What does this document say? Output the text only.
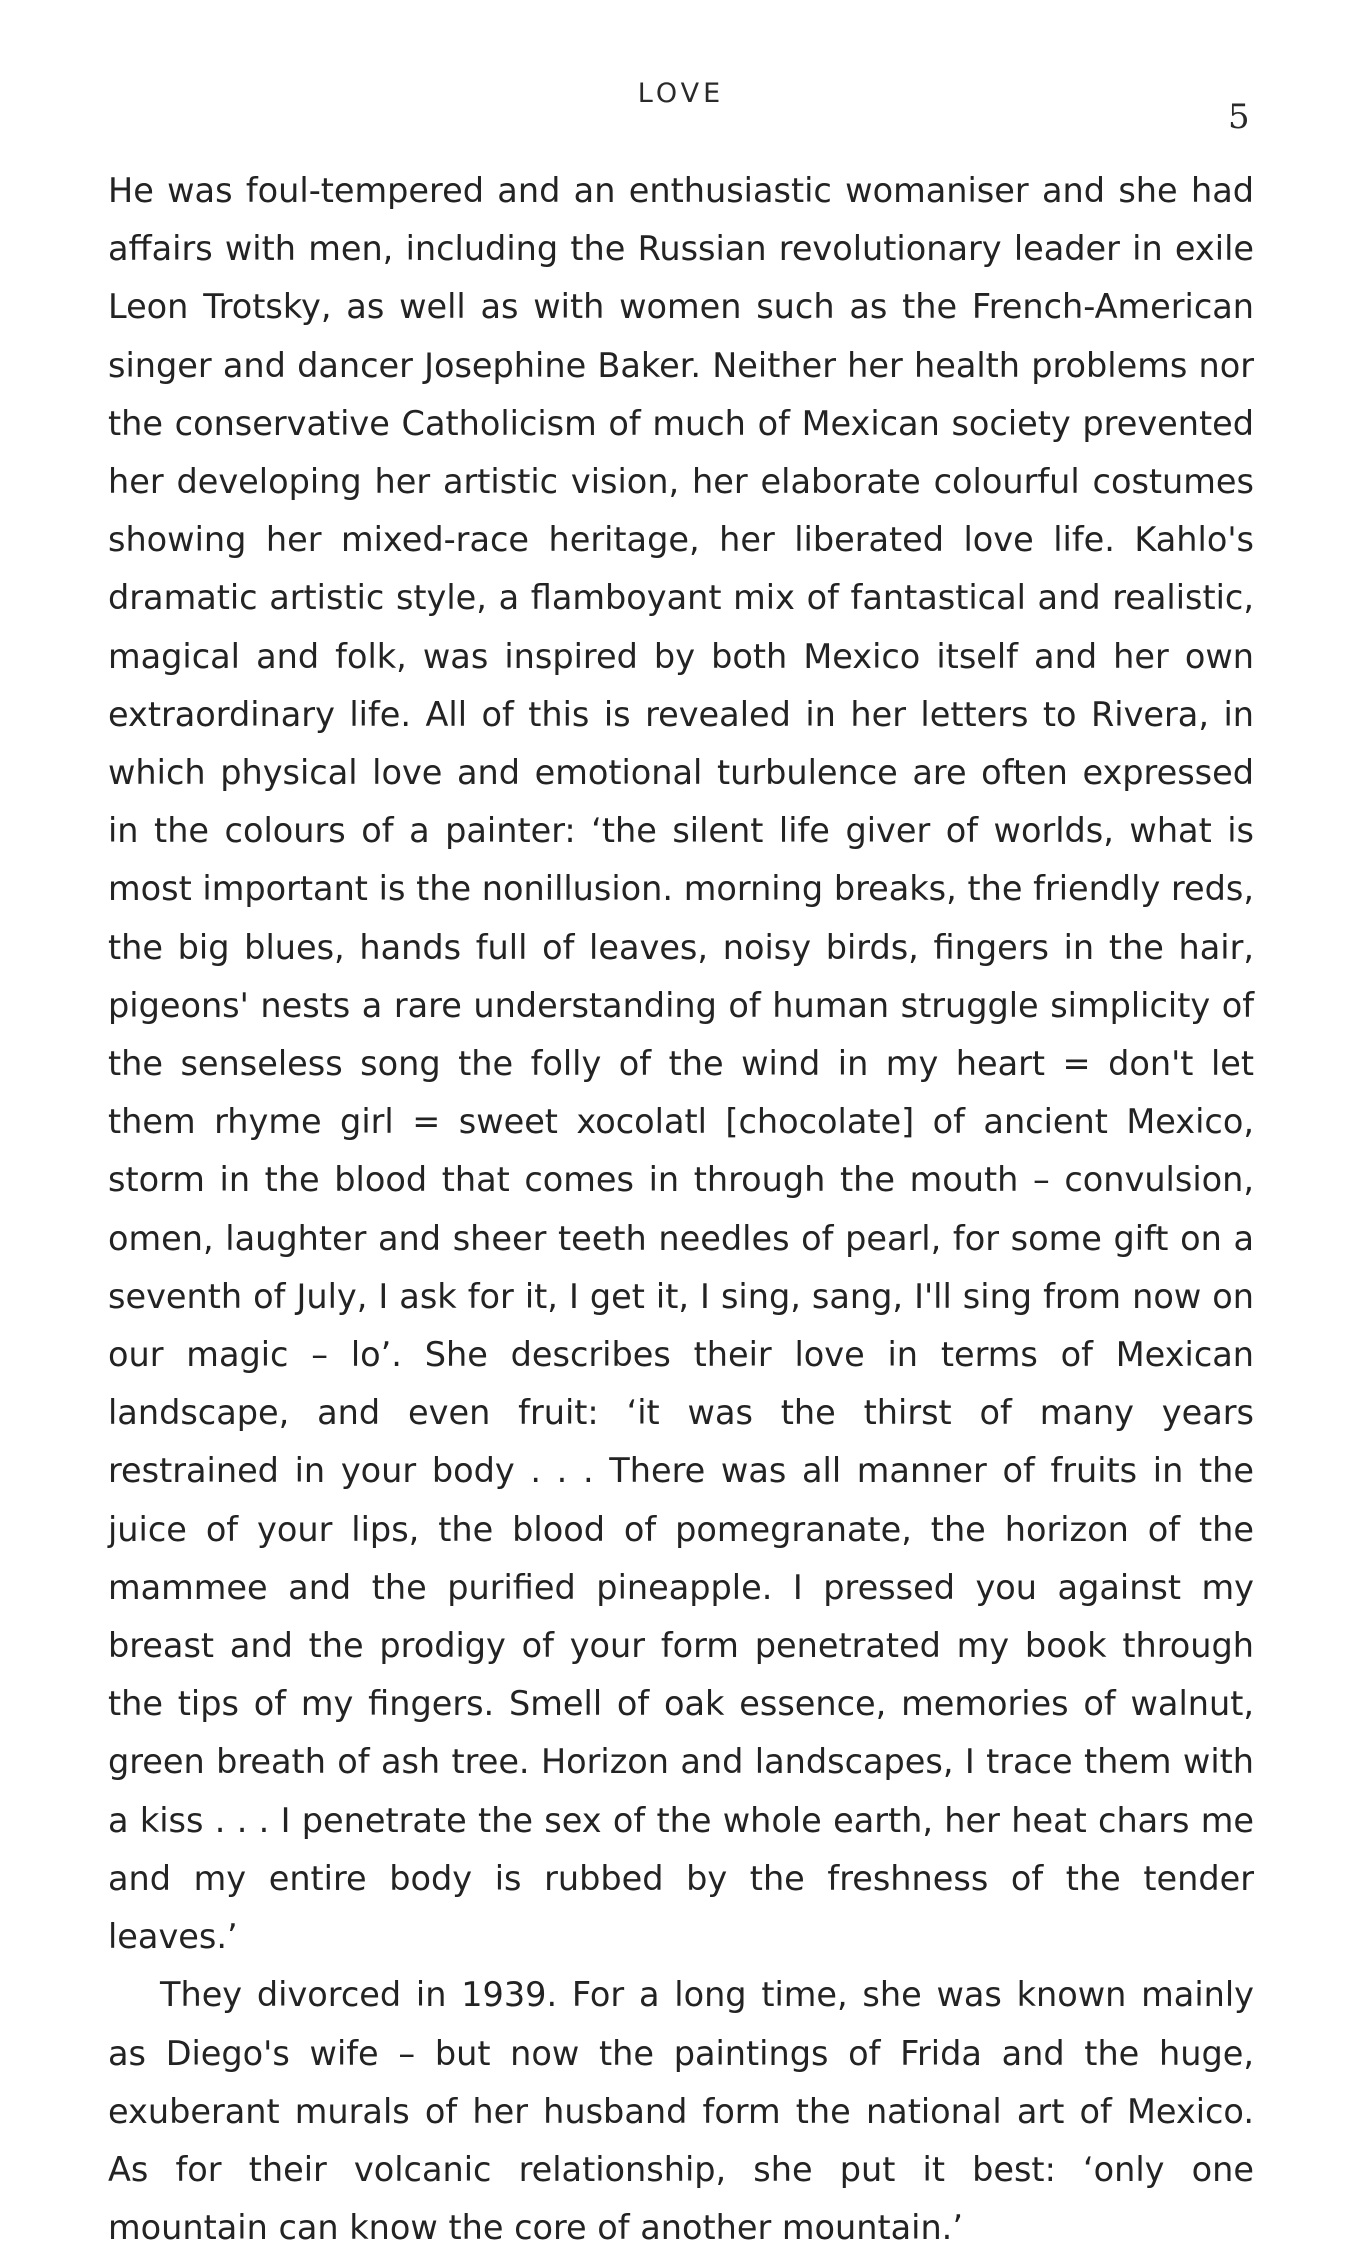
LOVE
5

He was foul-tempered and an enthusiastic womaniser and she had affairs with men, including the Russian revolutionary leader in exile Leon Trotsky, as well as with women such as the French-American singer and dancer Josephine Baker. Neither her health problems nor the conservative Catholicism of much of Mexican society prevented her developing her artistic vision, her elaborate colourful costumes showing her mixed-race heritage, her liberated love life. Kahlo's dramatic artistic style, a flamboyant mix of fantastical and realistic, magical and folk, was inspired by both Mexico itself and her own extraordinary life. All of this is revealed in her letters to Rivera, in which physical love and emotional turbulence are often expressed in the colours of a painter: ‘the silent life giver of worlds, what is most important is the nonillusion. morning breaks, the friendly reds, the big blues, hands full of leaves, noisy birds, fingers in the hair, pigeons' nests a rare understanding of human struggle simplicity of the senseless song the folly of the wind in my heart = don't let them rhyme girl = sweet xocolatl [chocolate] of ancient Mexico, storm in the blood that comes in through the mouth – convulsion, omen, laughter and sheer teeth needles of pearl, for some gift on a seventh of July, I ask for it, I get it, I sing, sang, I'll sing from now on our magic – lo’. She describes their love in terms of Mexican landscape, and even fruit: ‘it was the thirst of many years restrained in your body . . . There was all manner of fruits in the juice of your lips, the blood of pomegranate, the horizon of the mammee and the purified pineapple. I pressed you against my breast and the prodigy of your form penetrated my book through the tips of my fingers. Smell of oak essence, memories of walnut, green breath of ash tree. Horizon and landscapes, I trace them with a kiss . . . I penetrate the sex of the whole earth, her heat chars me and my entire body is rubbed by the freshness of the tender leaves.’

They divorced in 1939. For a long time, she was known mainly as Diego's wife – but now the paintings of Frida and the huge, exuberant murals of her husband form the national art of Mexico. As for their volcanic relationship, she put it best: ‘only one mountain can know the core of another mountain.’
